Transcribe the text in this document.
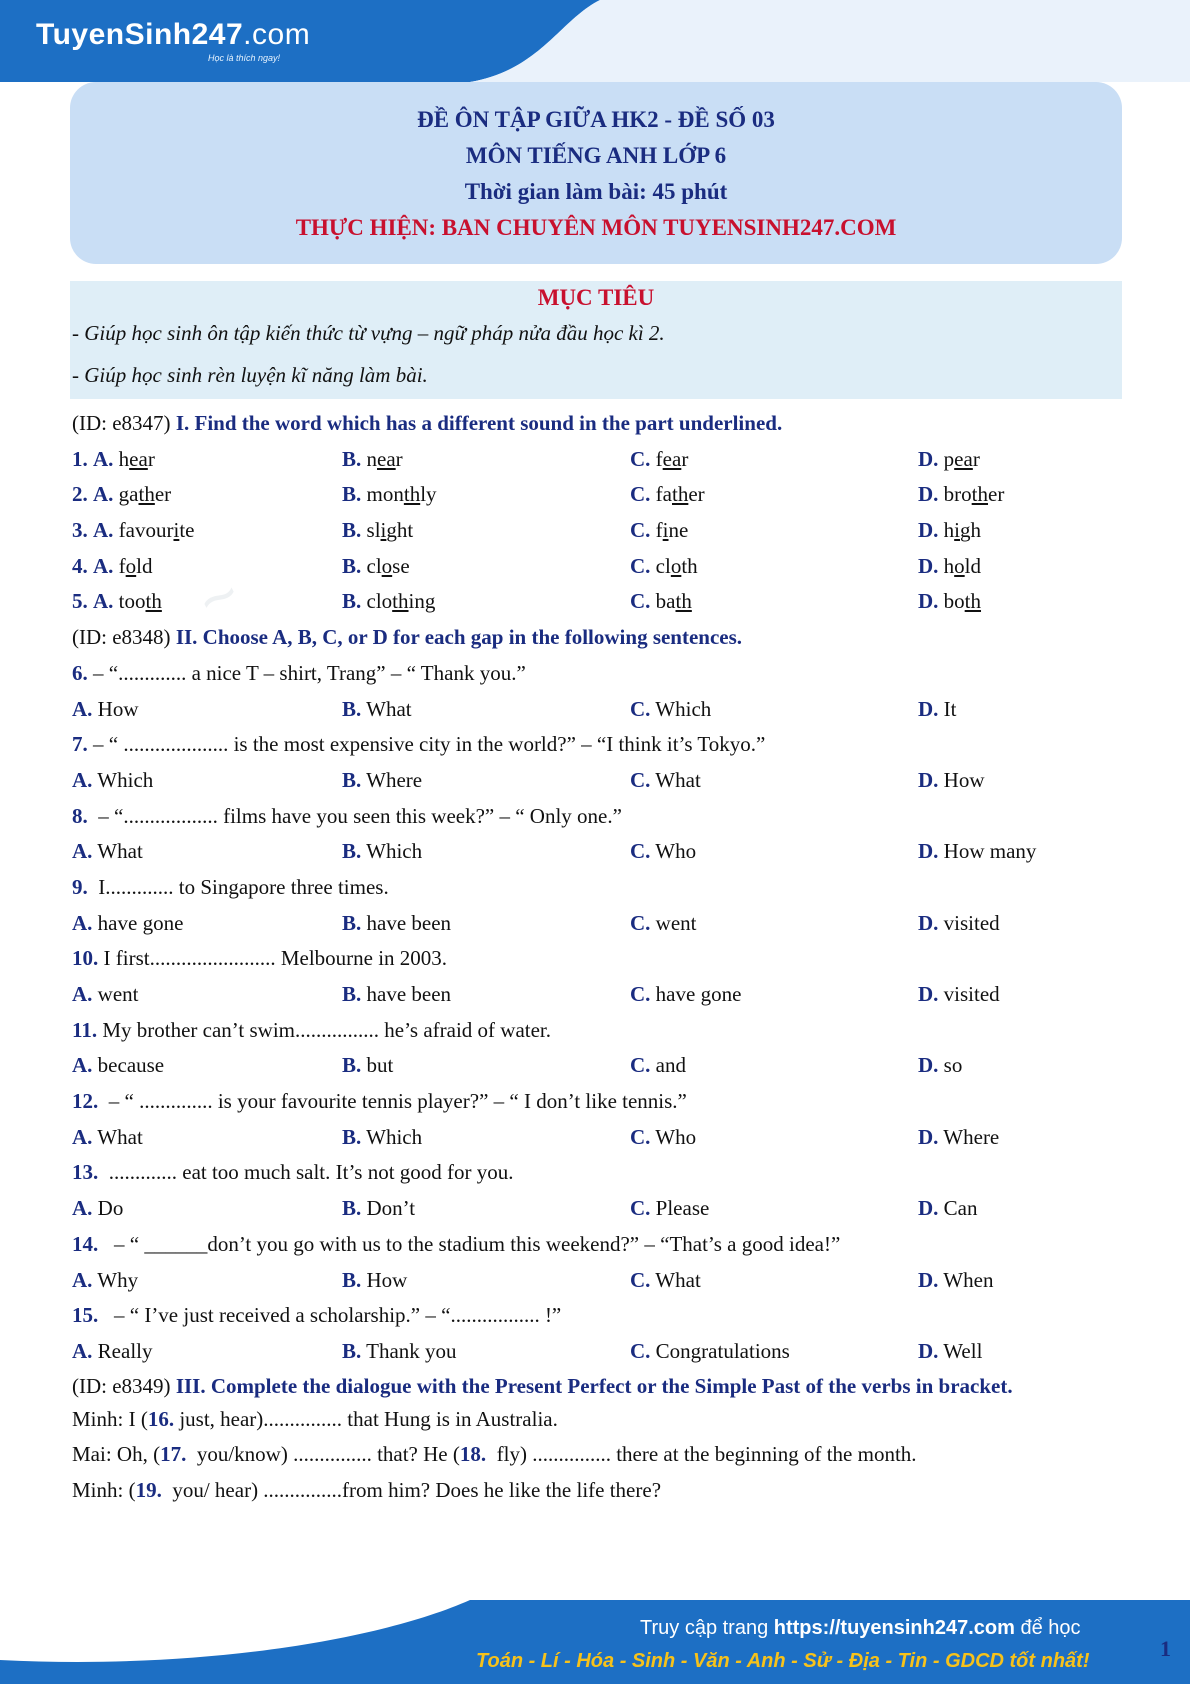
TuyenSinh247.com
Học là thích ngay!
~
ĐỀ ÔN TẬP GIỮA HK2 - ĐỀ SỐ 03
MÔN TIẾNG ANH LỚP 6
Thời gian làm bài: 45 phút
THỰC HIỆN: BAN CHUYÊN MÔN TUYENSINH247.COM
MỤC TIÊU
- Giúp học sinh ôn tập kiến thức từ vựng – ngữ pháp nửa đầu học kì 2.
- Giúp học sinh rèn luyện kĩ năng làm bài.
(ID: e8347) I. Find the word which has a different sound in the part underlined.
1. A. hear	B. near	C. fear	D. pear
2. A. gather	B. monthly	C. father	D. brother
3. A. favourite	B. slight	C. fine	D. high
4. A. fold	B. close	C. cloth	D. hold
5. A. tooth	B. clothing	C. bath	D. both
(ID: e8348) II. Choose A, B, C, or D for each gap in the following sentences.
6. – “............. a nice T – shirt, Trang” – “ Thank you.”
A. How	B. What	C. Which	D. It
7. – “ .................... is the most expensive city in the world?” – “I think it’s Tokyo.”
A. Which	B. Where	C. What	D. How
8.  – “.................. films have you seen this week?” – “ Only one.”
A. What	B. Which	C. Who	D. How many
9.  I............. to Singapore three times.
A. have gone	B. have been	C. went	D. visited
10. I first........................ Melbourne in 2003.
A. went	B. have been	C. have gone	D. visited
11. My brother can’t swim................ he’s afraid of water.
A. because	B. but	C. and	D. so
12.  – “ .............. is your favourite tennis player?” – “ I don’t like tennis.”
A. What	B. Which	C. Who	D. Where
13.  ............. eat too much salt. It’s not good for you.
A. Do	B. Don’t	C. Please	D. Can
14.   – “ ______don’t you go with us to the stadium this weekend?” – “That’s a good idea!”
A. Why	B. How	C. What	D. When
15.   – “ I’ve just received a scholarship.” – “................. !”
A. Really	B. Thank you	C. Congratulations	D. Well
(ID: e8349) III. Complete the dialogue with the Present Perfect or the Simple Past of the verbs in bracket.
Minh: I (16. just, hear)............... that Hung is in Australia.
Mai: Oh, (17.  you/know) ............... that? He (18.  fly) ............... there at the beginning of the month.
Minh: (19.  you/ hear) ...............from him? Does he like the life there?
Truy cập trang https://tuyensinh247.com để học
Toán - Lí - Hóa - Sinh - Văn - Anh - Sử - Địa - Tin - GDCD tốt nhất!	1
